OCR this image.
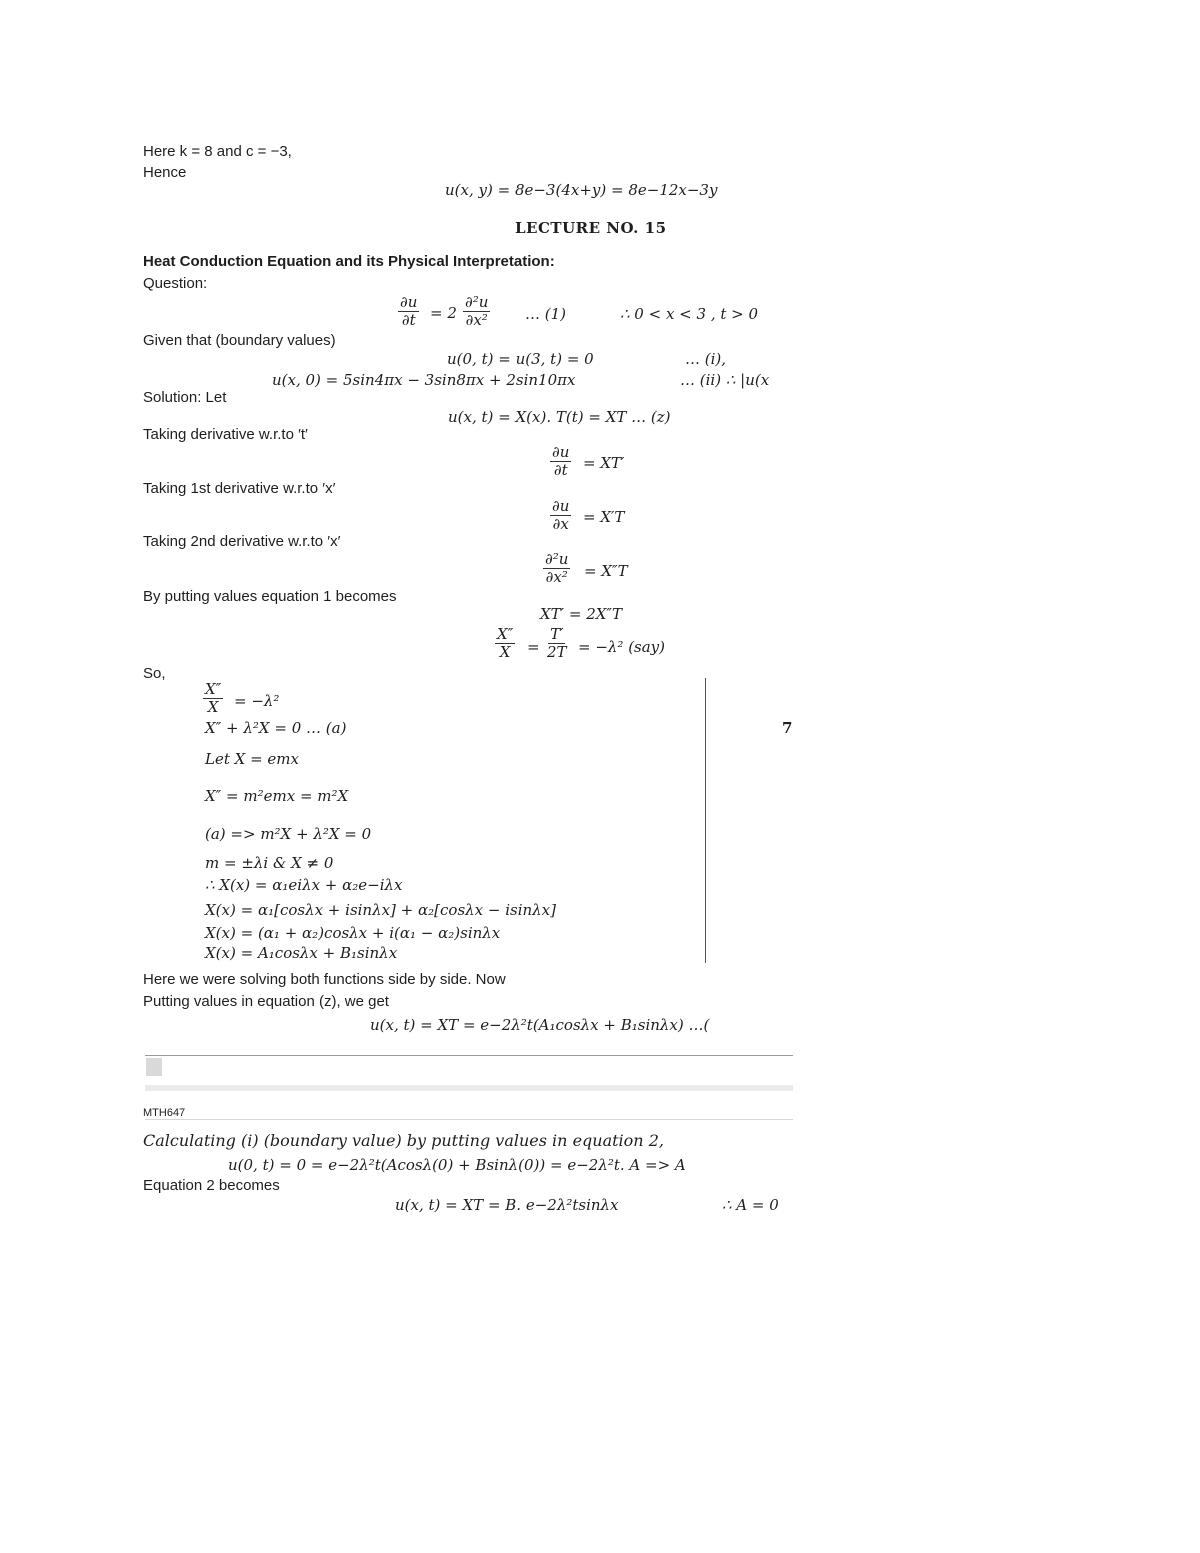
Here k = 8 and c = −3,
Hence
u(x, y) = 8e−3(4x+y) = 8e−12x−3y
LECTURE NO. 15
Heat Conduction Equation and its Physical Interpretation:
Question:
$\frac{\partial u}{\partial t} = 2 \frac{\text{∂²u}}{\text{∂x²}}$ … (1)	∴ 0 < x < 3 , t > 0
Given that (boundary values)
u(0, t) = u(3, t) = 0	… (i),
u(x, 0) = 5sin4πx − 3sin8πx + 2sin10πx	… (ii) ∴ |u(x
Solution: Let
u(x, t) = X(x). T(t) = XT … (z)
Taking derivative w.r.to ′t′
$\frac{\partial u}{\partial t} = XT'$
Taking 1st derivative w.r.to ′x′
$\frac{\partial u}{\partial x} = X'T$
Taking 2nd derivative w.r.to ′x′
$\frac{\text{∂²u}}{\text{∂x²}} = X''T$
By putting values equation 1 becomes
XT′ = 2X″T
$\frac{X''}{X} = \frac{T'}{2T} = -\lambda^2$ (say)
So,
$\frac{X''}{X} = -\lambda^2$
X″ + λ²X = 0 … (a)
Let X = emx
X″ = m²emx = m²X
(a) => m²X + λ²X = 0
m = ±λi & X ≠ 0
∴ X(x) = α₁eiλx + α₂e−iλx
X(x) = α₁[cosλx + isinλx] + α₂[cosλx − isinλx]
X(x) = (α₁ + α₂)cosλx + i(α₁ − α₂)sinλx
X(x) = A₁cosλx + B₁sinλx
7
Here we were solving both functions side by side. Now
Putting values in equation (z), we get
u(x, t) = XT = e−2λ²t(A₁cosλx + B₁sinλx) …(
MTH647
Calculating (i) (boundary value) by putting values in equation 2,
u(0, t) = 0 = e−2λ²t(Acosλ(0) + Bsinλ(0)) = e−2λ²t. A => A
Equation 2 becomes
u(x, t) = XT = B. e−2λ²tsinλx	∴ A = 0
